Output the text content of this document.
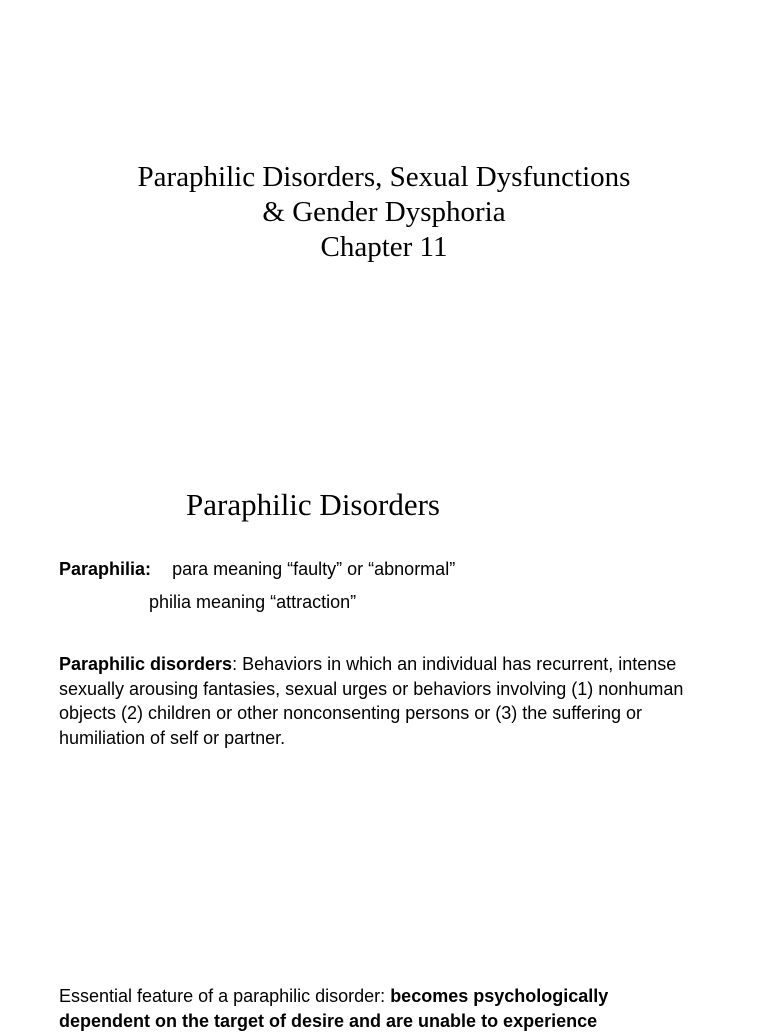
Paraphilic Disorders, Sexual Dysfunctions
& Gender Dysphoria
Chapter 11
Paraphilic Disorders
Paraphilia: para meaning “faulty” or “abnormal”
philia meaning “attraction”
Paraphilic disorders: Behaviors in which an individual has recurrent, intense sexually arousing fantasies, sexual urges or behaviors involving (1) nonhuman objects (2) children or other nonconsenting persons or (3) the suffering or humiliation of self or partner.
Essential feature of a paraphilic disorder: becomes psychologically dependent on the target of desire and are unable to experience
